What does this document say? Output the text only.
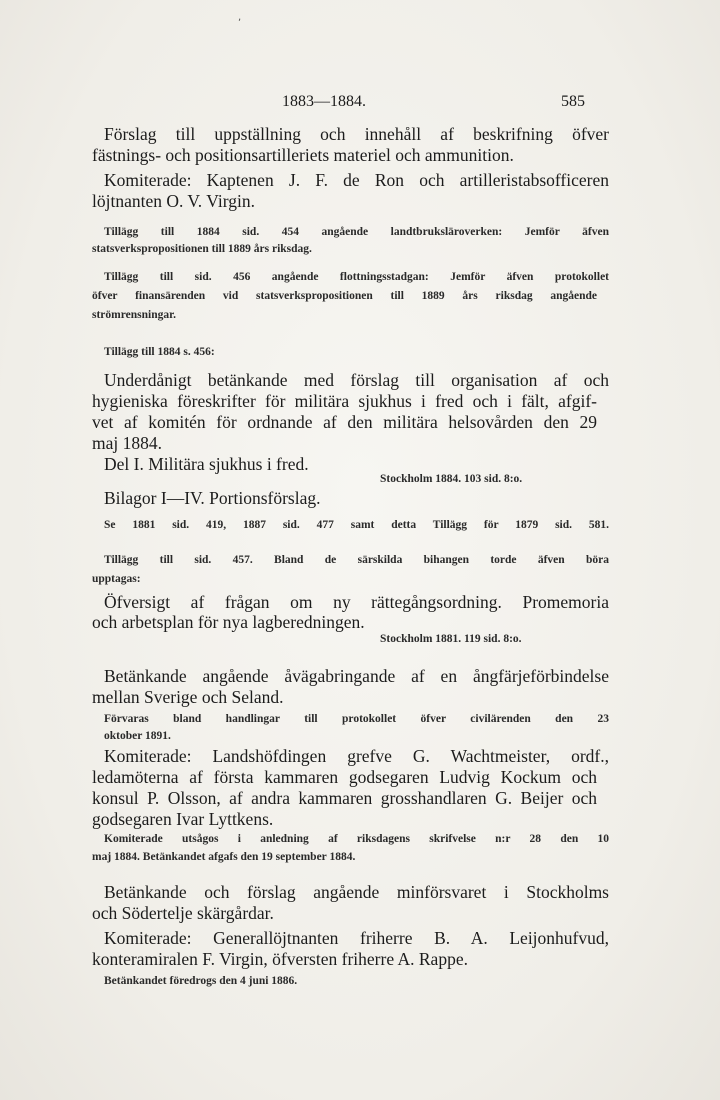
,
1883—1884.	585
Förslag till uppställning och innehåll af beskrifning öfver
fästnings- och positionsartilleriets materiel och ammunition.
Komiterade: Kaptenen J. F. de Ron och artilleristabsofficeren
löjtnanten O. V. Virgin.
Tillägg till 1884 sid. 454 angående landtbruksläroverken: Jemför äfven
statsverkspropositionen till 1889 års riksdag.
Tillägg till sid. 456 angående flottningsstadgan: Jemför äfven protokollet
öfver finansärenden vid statsverkspropositionen till 1889 års riksdag angående
strömrensningar.
Tillägg till 1884 s. 456:
Underdånigt betänkande med förslag till organisation af och
hygieniska föreskrifter för militära sjukhus i fred och i fält, afgif-
vet af komitén för ordnande af den militära helsovården den 29
maj 1884.
Del I. Militära sjukhus i fred.
Stockholm 1884. 103 sid. 8:o.
Bilagor I—IV. Portionsförslag.
Se 1881 sid. 419, 1887 sid. 477 samt detta Tillägg för 1879 sid. 581.
Tillägg till sid. 457. Bland de särskilda bihangen torde äfven böra
upptagas:
Öfversigt af frågan om ny rättegångsordning. Promemoria
och arbetsplan för nya lagberedningen.
Stockholm 1881. 119 sid. 8:o.
Betänkande angående åvägabringande af en ångfärjeförbindelse
mellan Sverige och Seland.
Förvaras bland handlingar till protokollet öfver civilärenden den 23
oktober 1891.
Komiterade: Landshöfdingen grefve G. Wachtmeister, ordf.,
ledamöterna af första kammaren godsegaren Ludvig Kockum och
konsul P. Olsson, af andra kammaren grosshandlaren G. Beijer och
godsegaren Ivar Lyttkens.
Komiterade utsågos i anledning af riksdagens skrifvelse n:r 28 den 10
maj 1884. Betänkandet afgafs den 19 september 1884.
Betänkande och förslag angående minförsvaret i Stockholms
och Södertelje skärgårdar.
Komiterade: Generallöjtnanten friherre B. A. Leijonhufvud,
konteramiralen F. Virgin, öfversten friherre A. Rappe.
Betänkandet föredrogs den 4 juni 1886.
